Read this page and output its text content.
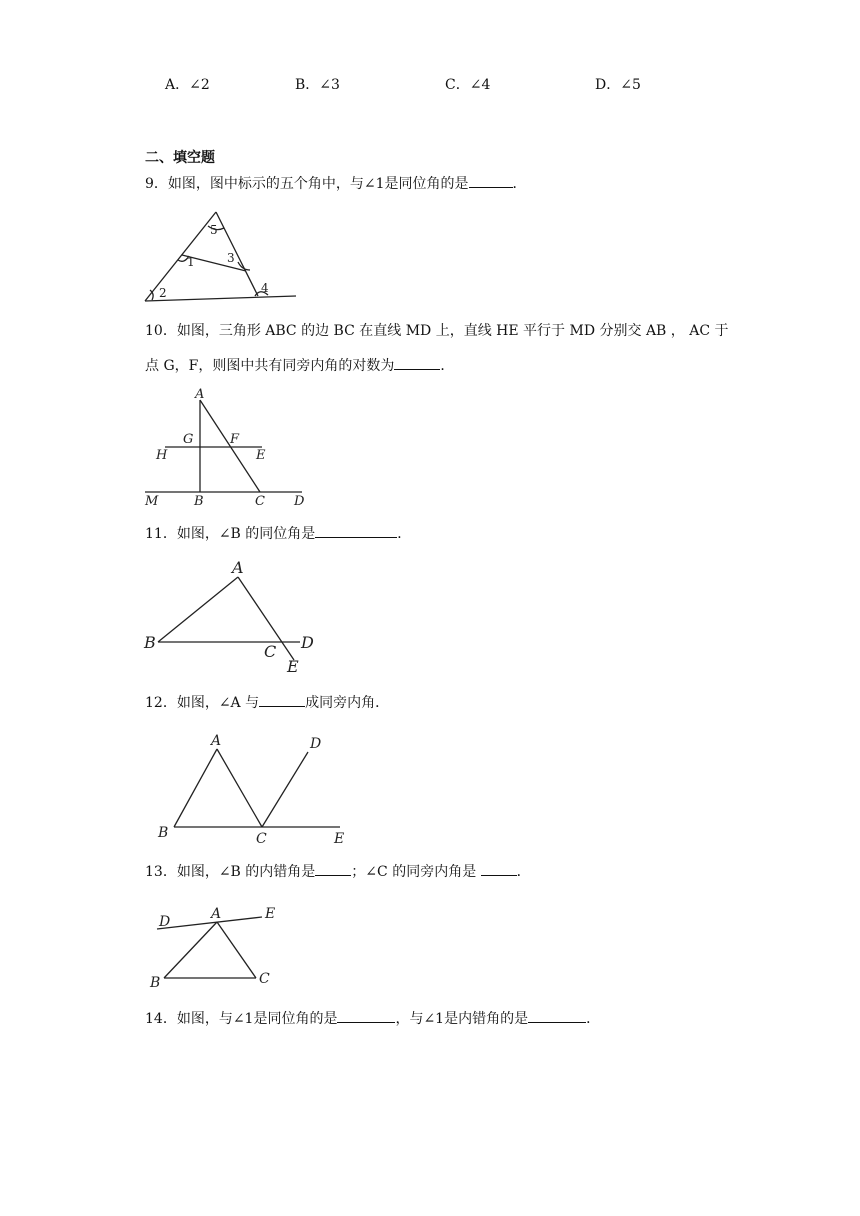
A．∠2	B．∠3	C．∠4	D．∠5
二、填空题
9．如图，图中标示的五个角中，与∠1是同位角的是	．
5
1	3
2	4
10．如图，三角形 ABC 的边 BC 在直线 MD 上，直线 HE 平行于 MD 分别交 AB ， AC 于
点 G，F，则图中共有同旁内角的对数为	．
A
G	F
H	E
M	B	C D
11．如图，∠B 的同位角是	．
A
B	D
C
E
12．如图，∠A 与	成同旁内角．
A	D
B	C	E
13．如图，∠B 的内错角是	；∠C 的同旁内角是	．
D	A	E
B	C
14．如图，与∠1是同位角的是	，与∠1是内错角的是	．
